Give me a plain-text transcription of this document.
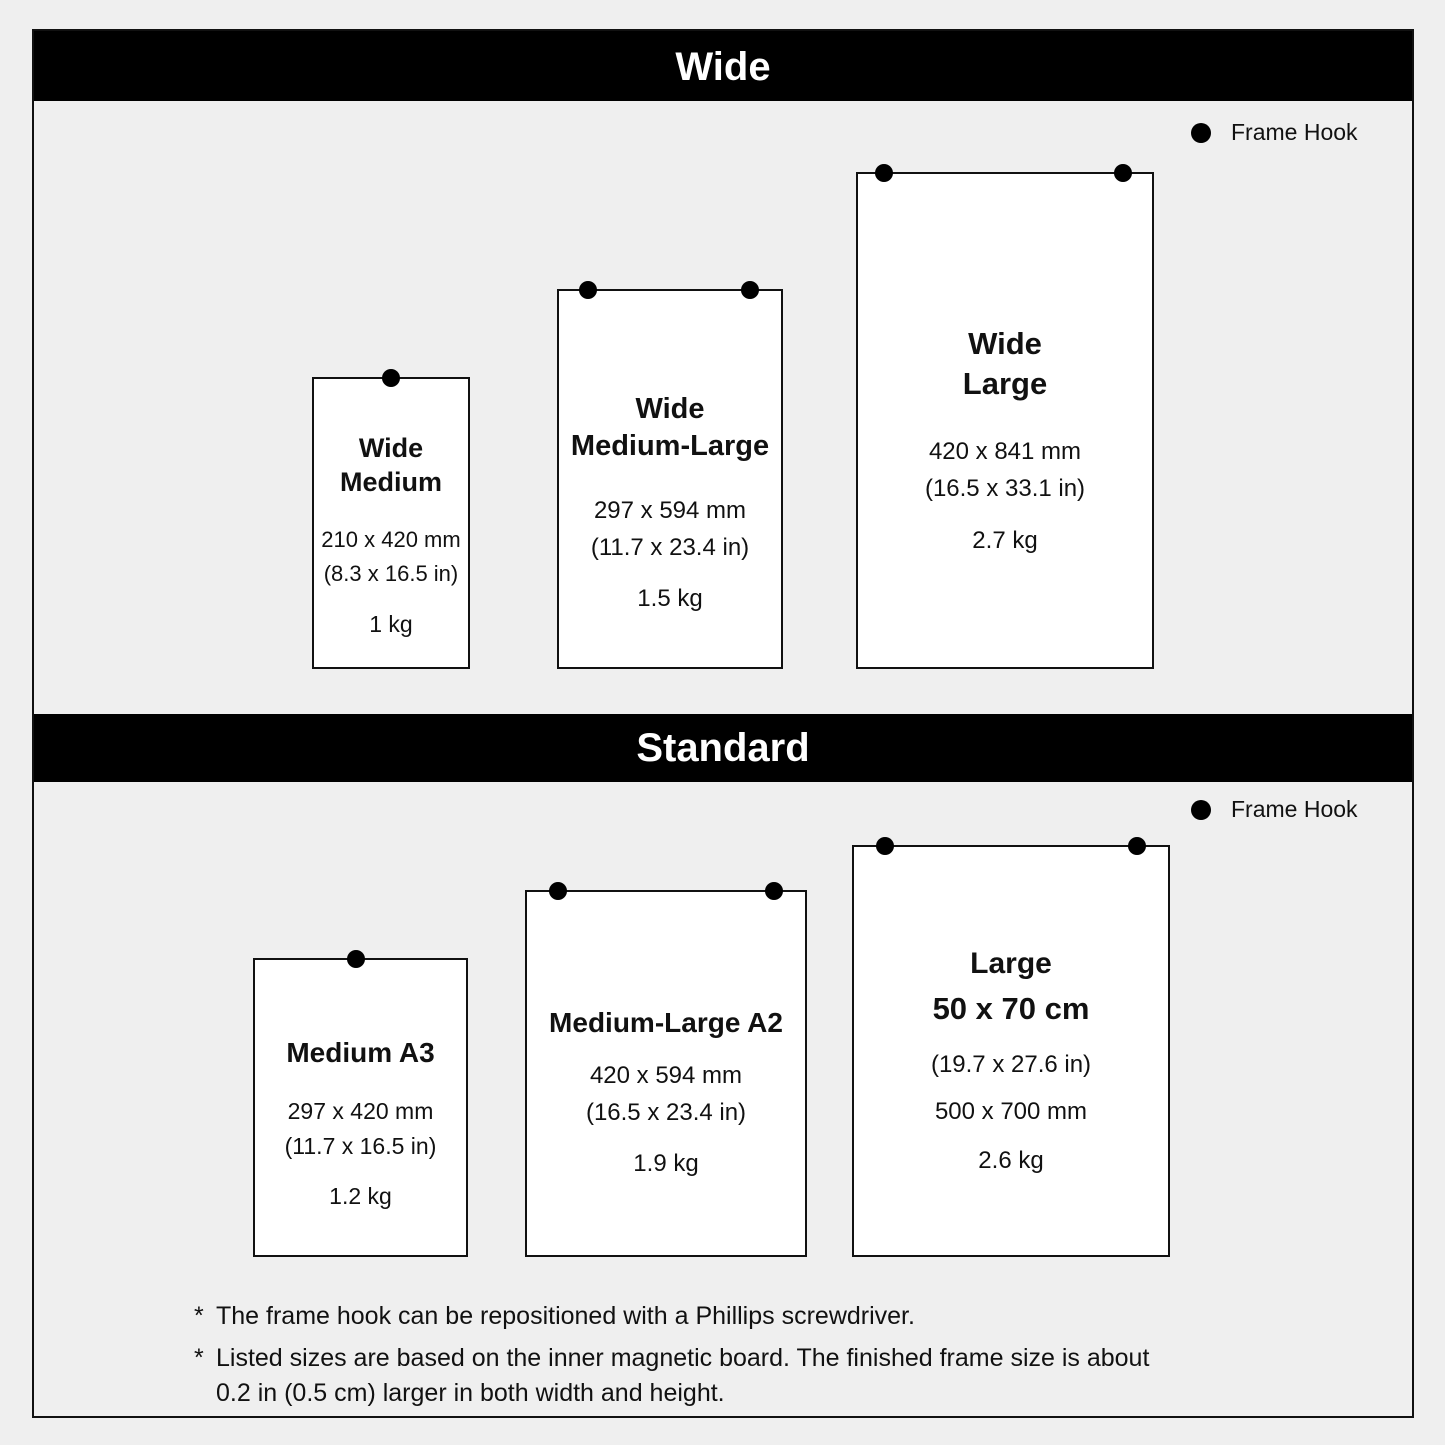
Wide
Frame Hook
Wide
Medium
210 x 420 mm
(8.3 x 16.5 in)
1 kg
Wide
Medium-Large
297 x 594 mm
(11.7 x 23.4 in)
1.5 kg
Wide
Large
420 x 841 mm
(16.5 x 33.1 in)
2.7 kg
Standard
Frame Hook
Medium A3
297 x 420 mm
(11.7 x 16.5 in)
1.2 kg
Medium-Large A2
420 x 594 mm
(16.5 x 23.4 in)
1.9 kg
Large
50 x 70 cm
(19.7 x 27.6 in)
500 x 700 mm
2.6 kg
* The frame hook can be repositioned with a Phillips screwdriver.
* Listed sizes are based on the inner magnetic board. The finished frame size is about 0.2 in (0.5 cm) larger in both width and height.
